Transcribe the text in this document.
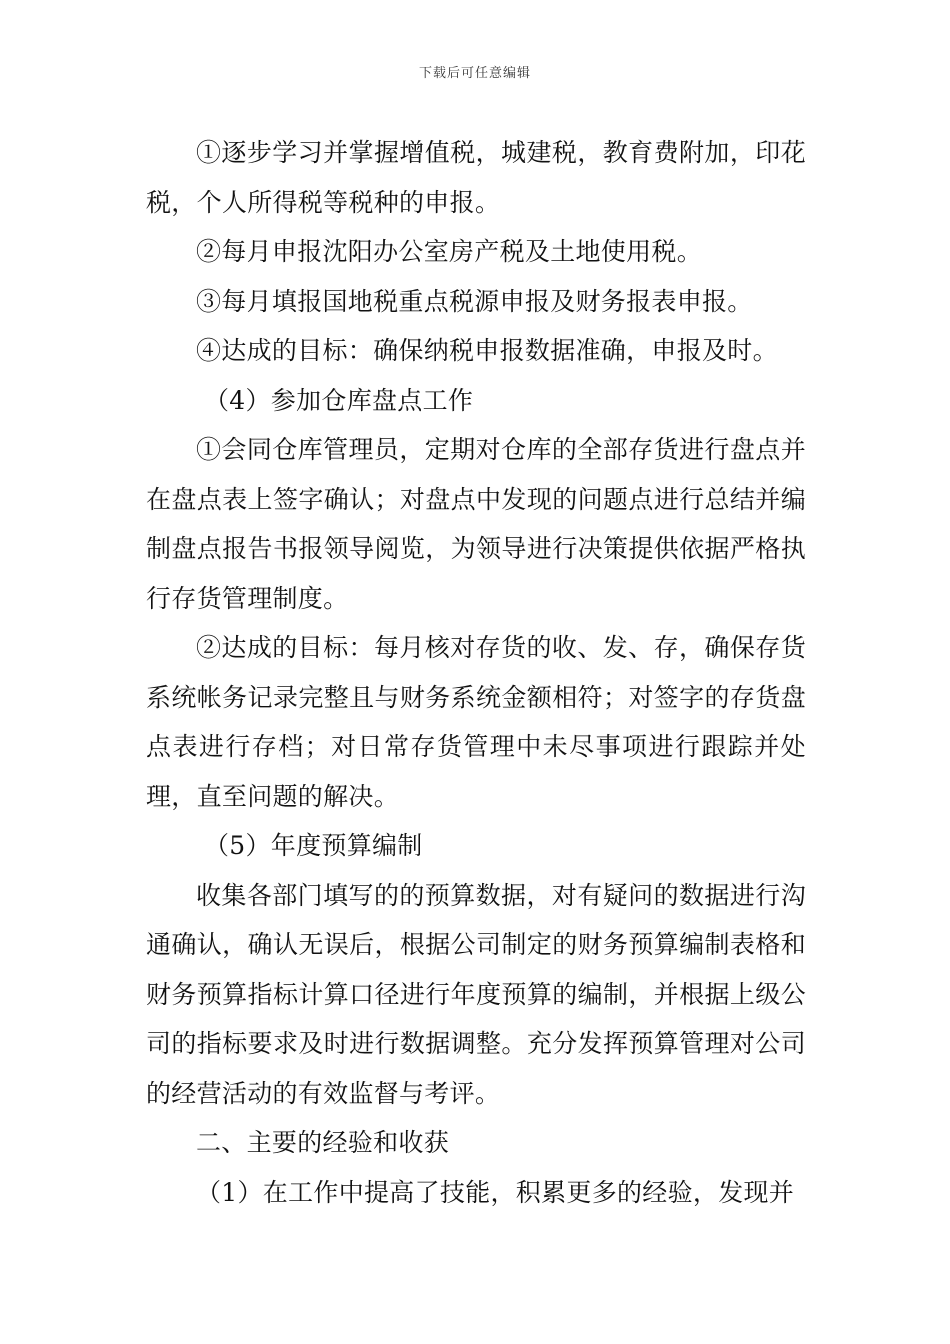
下载后可任意编辑

①逐步学习并掌握增值税，城建税，教育费附加，印花税，个人所得税等税种的申报。

②每月申报沈阳办公室房产税及土地使用税。

③每月填报国地税重点税源申报及财务报表申报。

④达成的目标：确保纳税申报数据准确，申报及时。

（4）参加仓库盘点工作

①会同仓库管理员，定期对仓库的全部存货进行盘点并在盘点表上签字确认；对盘点中发现的问题点进行总结并编制盘点报告书报领导阅览，为领导进行决策提供依据严格执行存货管理制度。

②达成的目标：每月核对存货的收、发、存，确保存货系统帐务记录完整且与财务系统金额相符；对签字的存货盘点表进行存档；对日常存货管理中未尽事项进行跟踪并处理，直至问题的解决。

（5）年度预算编制

收集各部门填写的的预算数据，对有疑问的数据进行沟通确认，确认无误后，根据公司制定的财务预算编制表格和财务预算指标计算口径进行年度预算的编制，并根据上级公司的指标要求及时进行数据调整。充分发挥预算管理对公司的经营活动的有效监督与考评。

二、主要的经验和收获

（1）在工作中提高了技能，积累更多的经验，发现并
